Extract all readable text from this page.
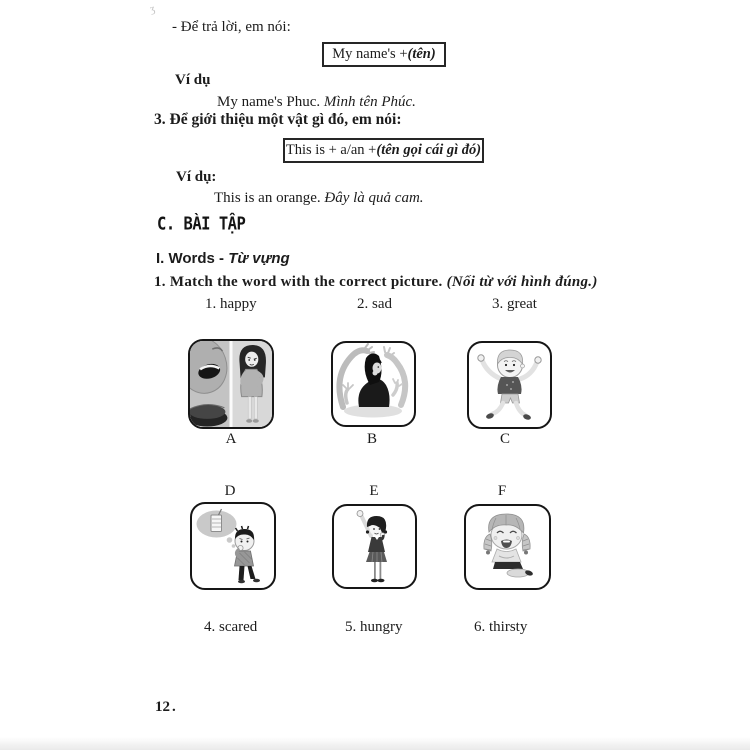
ʒ
- Để trả lời, em nói:
My name's + (tên)
Ví dụ
My name's Phuc. Mình tên Phúc.
3. Để giới thiệu một vật gì đó, em nói:
This is + a/an + (tên gọi cái gì đó)
Ví dụ:
This is an orange. Đây là quả cam.
C. BÀI TẬP
I. Words - Từ vựng
1. Match the word with the correct picture. (Nối từ với hình đúng.)
1. happy	2. sad	3. great
A	B	C
D	E	F
4. scared	5. hungry	6. thirsty
12 .
